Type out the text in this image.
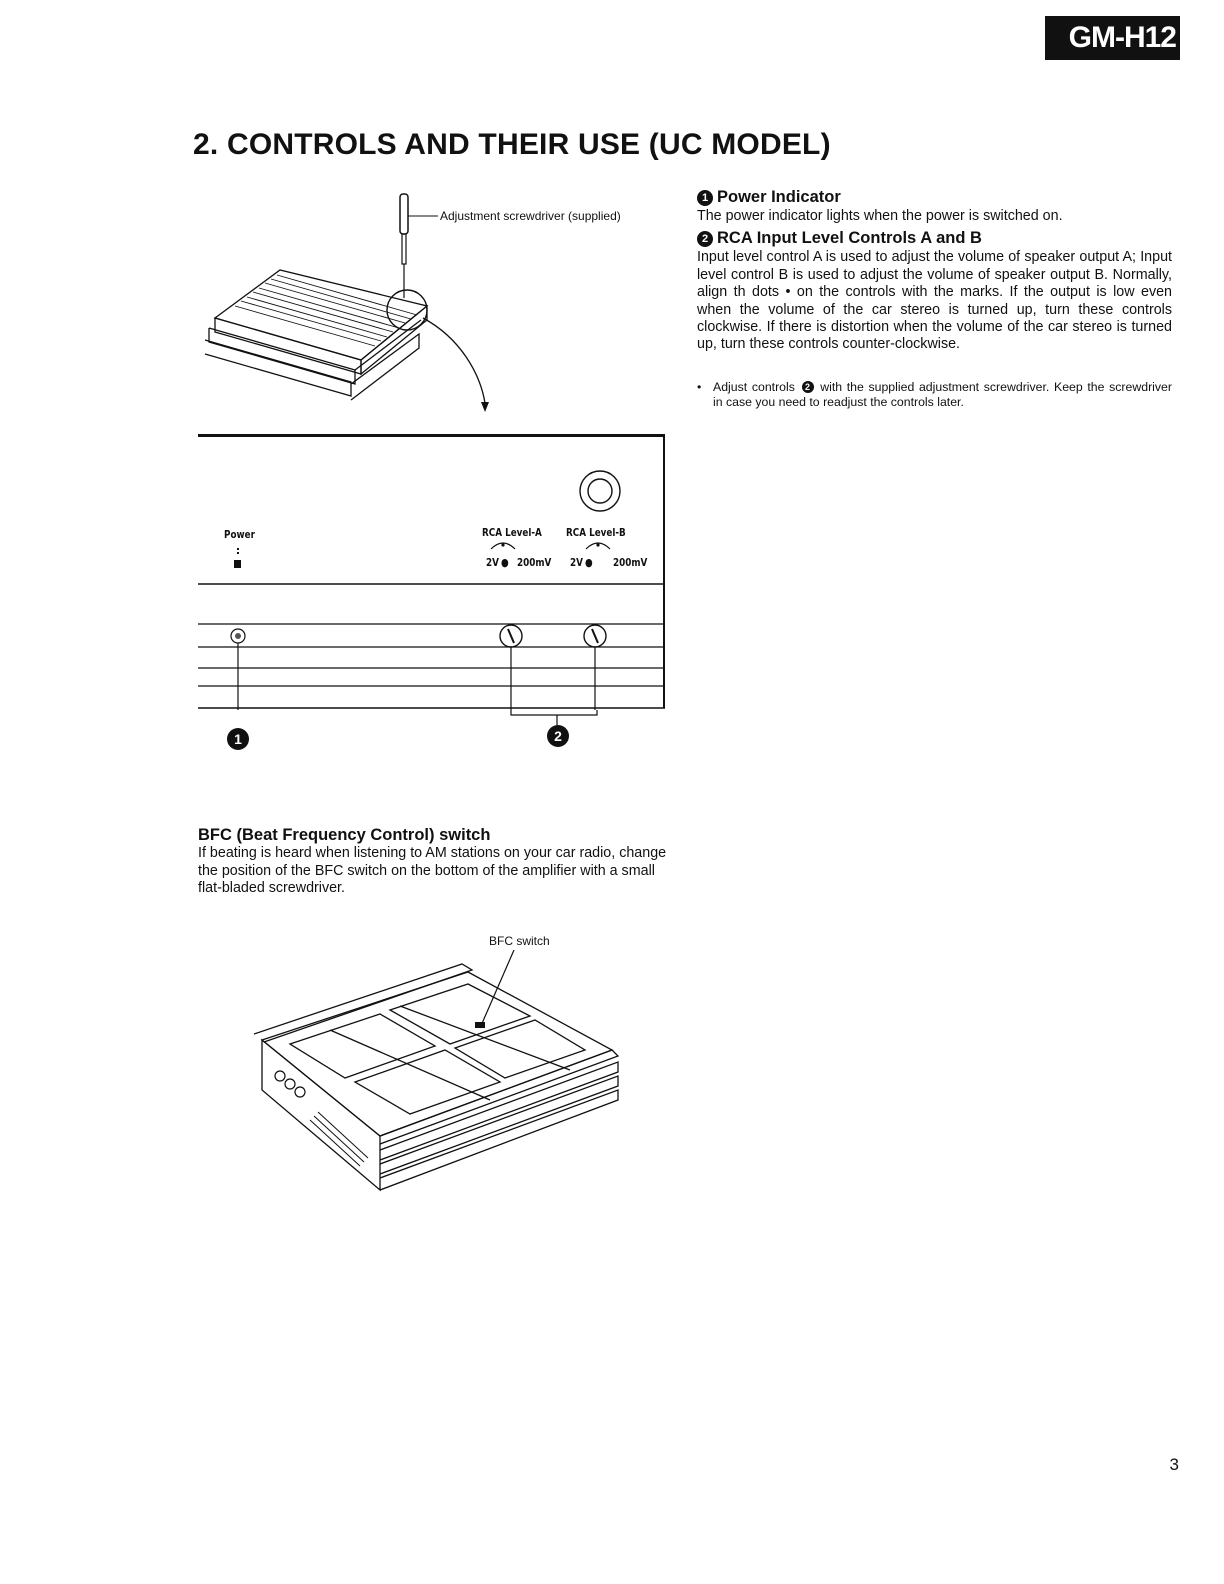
GM-H12
2. CONTROLS AND THEIR USE (UC MODEL)
Adjustment screwdriver (supplied)
Power	RCA Level-A RCA Level-B
2V ● 200mV 2V ● 200mV
1	2
1 Power Indicator
The power indicator lights when the power is switched on.
2 RCA Input Level Controls A and B
Input level control A is used to adjust the volume of speaker output A; Input level control B is used to adjust the volume of speaker output B. Normally, align th dots • on the controls with the marks. If the output is low even when the volume of the car stereo is turned up, turn these controls clockwise. If there is distortion when the volume of the car stereo is turned up, turn these controls counter-clockwise.
• Adjust controls 2 with the supplied adjustment screwdriver. Keep the screwdriver in case you need to readjust the controls later.
BFC (Beat Frequency Control) switch
If beating is heard when listening to AM stations on your car radio, change the position of the BFC switch on the bottom of the amplifier with a small flat-bladed screwdriver.
BFC switch
3
